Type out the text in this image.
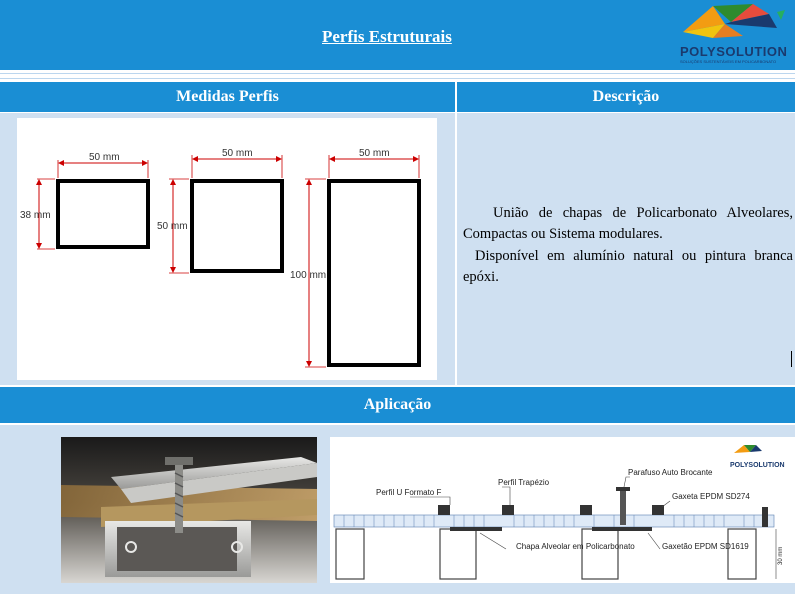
Perfis Estruturais
POLYSOLUTION
SOLUÇÕES SUSTENTÁVEIS EM POLICARBONATO
Medidas Perfis	Descrição
50 mm
38 mm
50 mm
50 mm
50 mm
100 mm

União de chapas de Policarbonato Alveolares, Compactas ou Sistema modulares.

Disponível em alumínio natural ou pintura branca epóxi.

Aplicação
POLYSOLUTION
Perfil U Formato F
Perfil Trapézio
Parafuso Auto Brocante
Gaxeta EPDM SD274
Chapa Alveolar em Policarbonato	Gaxetão EPDM SD1619
30 mm
